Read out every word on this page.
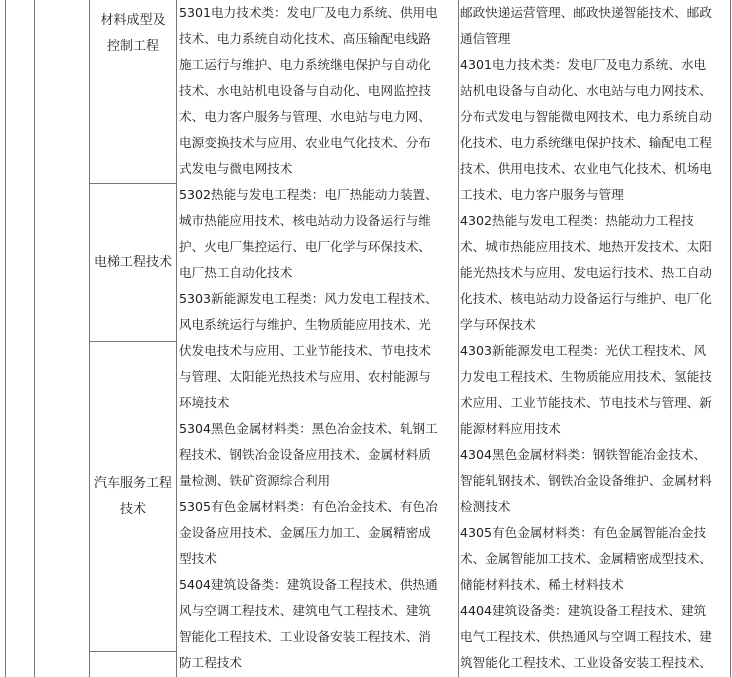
材料成型及
控制工程
电梯工程技术
汽车服务工程
技术
5301电力技术类：发电厂及电力系统、供用电
技术、电力系统自动化技术、高压输配电线路
施工运行与维护、电力系统继电保护与自动化
技术、水电站机电设备与自动化、电网监控技
术、电力客户服务与管理、水电站与电力网、
电源变换技术与应用、农业电气化技术、分布
式发电与微电网技术
5302热能与发电工程类：电厂热能动力装置、
城市热能应用技术、核电站动力设备运行与维
护、火电厂集控运行、电厂化学与环保技术、
电厂热工自动化技术
5303新能源发电工程类：风力发电工程技术、
风电系统运行与维护、生物质能应用技术、光
伏发电技术与应用、工业节能技术、节电技术
与管理、太阳能光热技术与应用、农村能源与
环境技术
5304黑色金属材料类：黑色冶金技术、轧钢工
程技术、钢铁冶金设备应用技术、金属材料质
量检测、铁矿资源综合利用
5305有色金属材料类：有色冶金技术、有色冶
金设备应用技术、金属压力加工、金属精密成
型技术
5404建筑设备类：建筑设备工程技术、供热通
风与空调工程技术、建筑电气工程技术、建筑
智能化工程技术、工业设备安装工程技术、消
防工程技术
邮政快递运营管理、邮政快递智能技术、邮政
通信管理
4301电力技术类：发电厂及电力系统、水电
站机电设备与自动化、水电站与电力网技术、
分布式发电与智能微电网技术、电力系统自动
化技术、电力系统继电保护技术、输配电工程
技术、供用电技术、农业电气化技术、机场电
工技术、电力客户服务与管理
4302热能与发电工程类：热能动力工程技
术、城市热能应用技术、地热开发技术、太阳
能光热技术与应用、发电运行技术、热工自动
化技术、核电站动力设备运行与维护、电厂化
学与环保技术
4303新能源发电工程类：光伏工程技术、风
力发电工程技术、生物质能应用技术、氢能技
术应用、工业节能技术、节电技术与管理、新
能源材料应用技术
4304黑色金属材料类：钢铁智能冶金技术、
智能轧钢技术、钢铁冶金设备维护、金属材料
检测技术
4305有色金属材料类：有色金属智能冶金技
术、金属智能加工技术、金属精密成型技术、
储能材料技术、稀土材料技术
4404建筑设备类：建筑设备工程技术、建筑
电气工程技术、供热通风与空调工程技术、建
筑智能化工程技术、工业设备安装工程技术、
